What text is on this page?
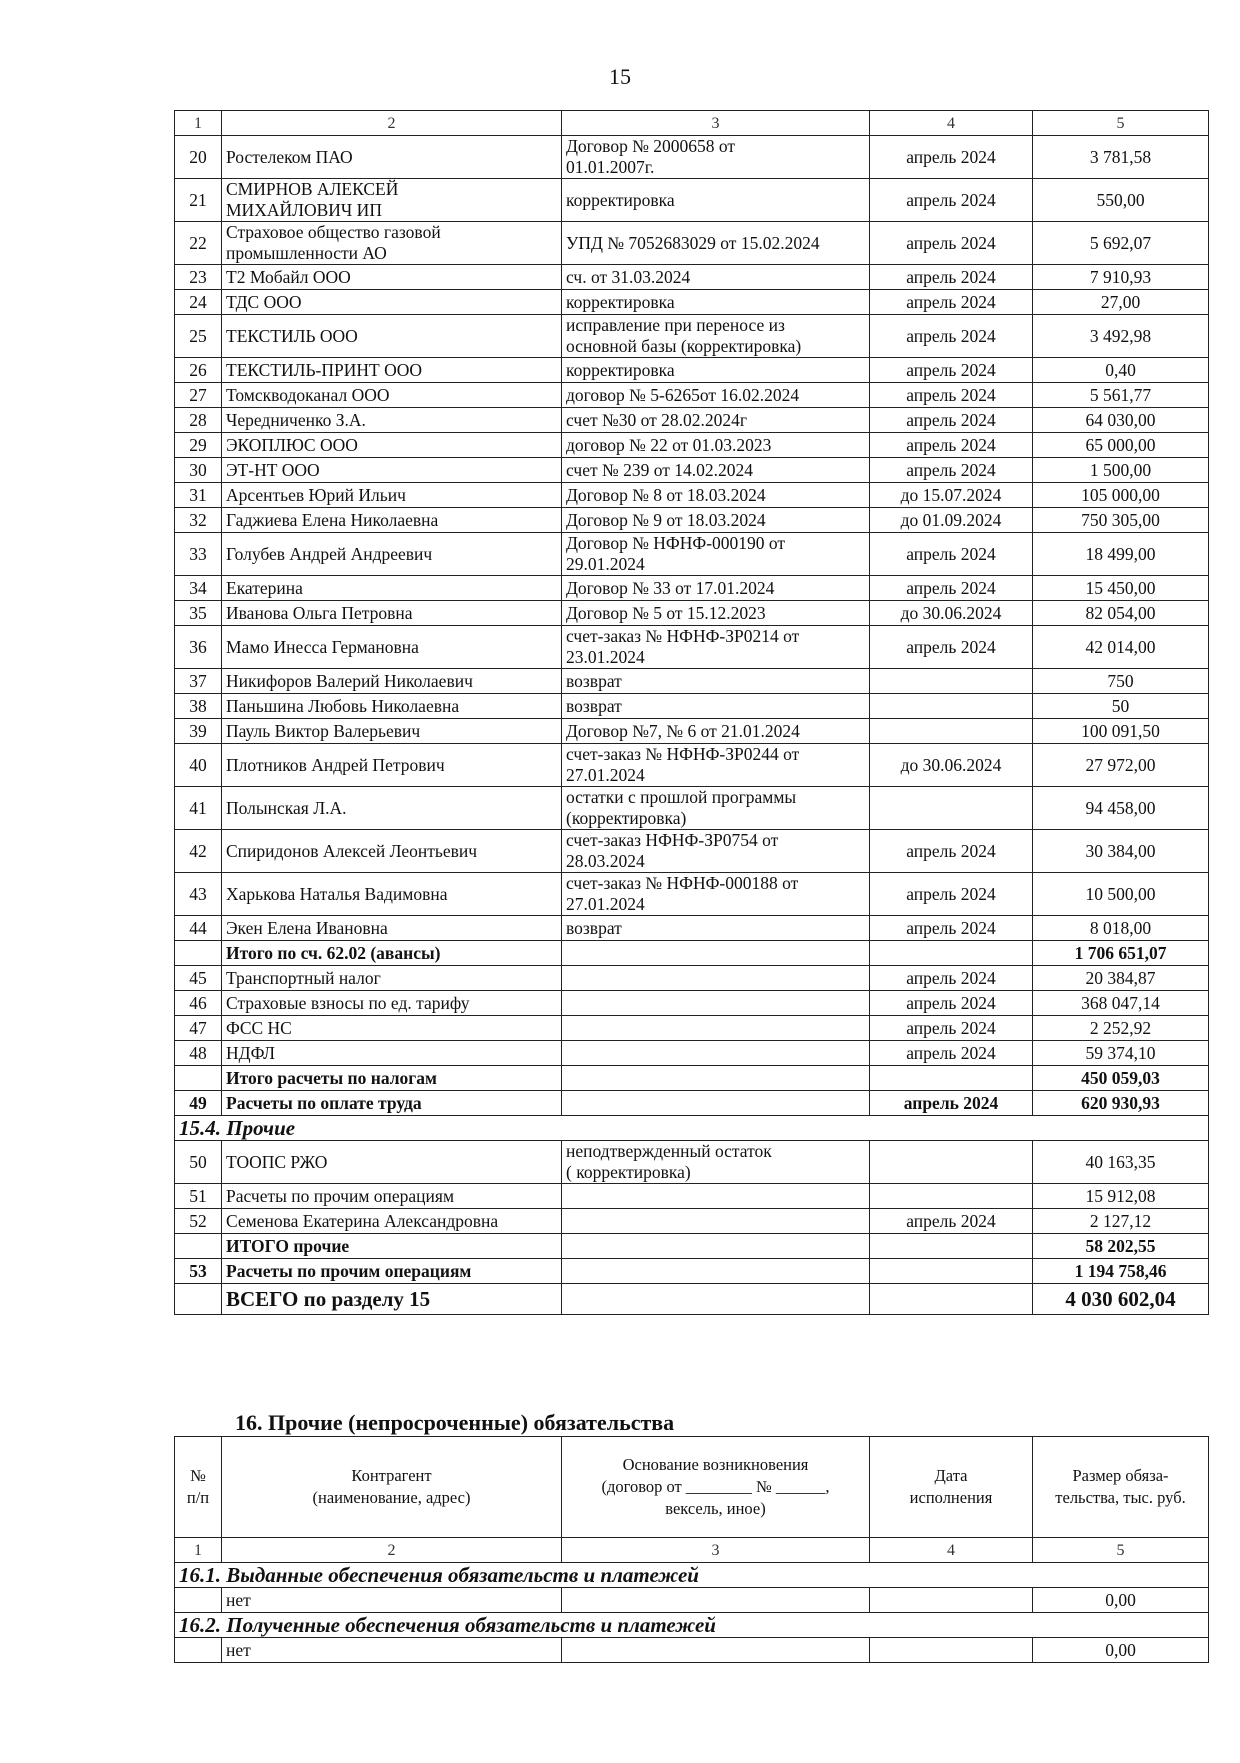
15
1	2	3	4	5
20	Ростелеком ПАО	Договор № 2000658 от
01.01.2007г.	апрель 2024	3 781,58
21	СМИРНОВ АЛЕКСЕЙ
МИХАЙЛОВИЧ ИП	корректировка	апрель 2024	550,00
22	Страховое общество газовой
промышленности АО	УПД № 7052683029 от 15.02.2024	апрель 2024	5 692,07
23	Т2 Мобайл ООО	сч. от 31.03.2024	апрель 2024	7 910,93
24	ТДС ООО	корректировка	апрель 2024	27,00
25	ТЕКСТИЛЬ ООО	исправление при переносе из
основной базы (корректировка)	апрель 2024	3 492,98
26	ТЕКСТИЛЬ-ПРИНТ ООО	корректировка	апрель 2024	0,40
27	Томскводоканал ООО	договор № 5-6265от 16.02.2024	апрель 2024	5 561,77
28	Чередниченко З.А.	счет №30 от 28.02.2024г	апрель 2024	64 030,00
29	ЭКОПЛЮС ООО	договор № 22 от 01.03.2023	апрель 2024	65 000,00
30	ЭТ-НТ ООО	счет № 239 от 14.02.2024	апрель 2024	1 500,00
31	Арсентьев Юрий Ильич	Договор № 8 от 18.03.2024	до 15.07.2024	105 000,00
32	Гаджиева Елена Николаевна	Договор № 9 от 18.03.2024	до 01.09.2024	750 305,00
33	Голубев Андрей Андреевич	Договор № НФНФ-000190 от
29.01.2024	апрель 2024	18 499,00
34	Екатерина	Договор № 33 от 17.01.2024	апрель 2024	15 450,00
35	Иванова Ольга Петровна	Договор № 5 от 15.12.2023	до 30.06.2024	82 054,00
36	Мамо Инесса Германовна	счет-заказ № НФНФ-ЗР0214 от
23.01.2024	апрель 2024	42 014,00
37	Никифоров Валерий Николаевич	возврат		750
38	Паньшина Любовь Николаевна	возврат		50
39	Пауль Виктор Валерьевич	Договор №7, № 6 от 21.01.2024		100 091,50
40	Плотников Андрей Петрович	счет-заказ № НФНФ-ЗР0244 от
27.01.2024	до 30.06.2024	27 972,00
41	Полынская Л.А.	остатки с прошлой программы
(корректировка)		94 458,00
42	Спиридонов Алексей Леонтьевич	счет-заказ НФНФ-ЗР0754 от
28.03.2024	апрель 2024	30 384,00
43	Харькова Наталья Вадимовна	счет-заказ № НФНФ-000188 от
27.01.2024	апрель 2024	10 500,00
44	Экен Елена Ивановна	возврат	апрель 2024	8 018,00
	Итого по сч. 62.02 (авансы)			1 706 651,07
45	Транспортный налог		апрель 2024	20 384,87
46	Страховые взносы по ед. тарифу		апрель 2024	368 047,14
47	ФСС НС		апрель 2024	2 252,92
48	НДФЛ		апрель 2024	59 374,10
	Итого расчеты по налогам			450 059,03
49	Расчеты по оплате труда		апрель 2024	620 930,93
15.4. Прочие				
50	ТООПС РЖО	неподтвержденный остаток
( корректировка)		40 163,35
51	Расчеты по прочим операциям			15 912,08
52	Семенова Екатерина Александровна		апрель 2024	2 127,12
	ИТОГО прочие			58 202,55
53	Расчеты по прочим операциям			1 194 758,46
	ВСЕГО по разделу 15			4 030 602,04
16. Прочие (непросроченные) обязательства
№
п/п	Контрагент
(наименование, адрес)	Основание возникновения
(договор от ________ № ______,
вексель, иное)	Дата
исполнения	Размер обяза-
тельства, тыс. руб.
1	2	3	4	5
16.1. Выданные обеспечения обязательств и платежей				
	нет			0,00
16.2. Полученные обеспечения обязательств и платежей				
	нет			0,00
